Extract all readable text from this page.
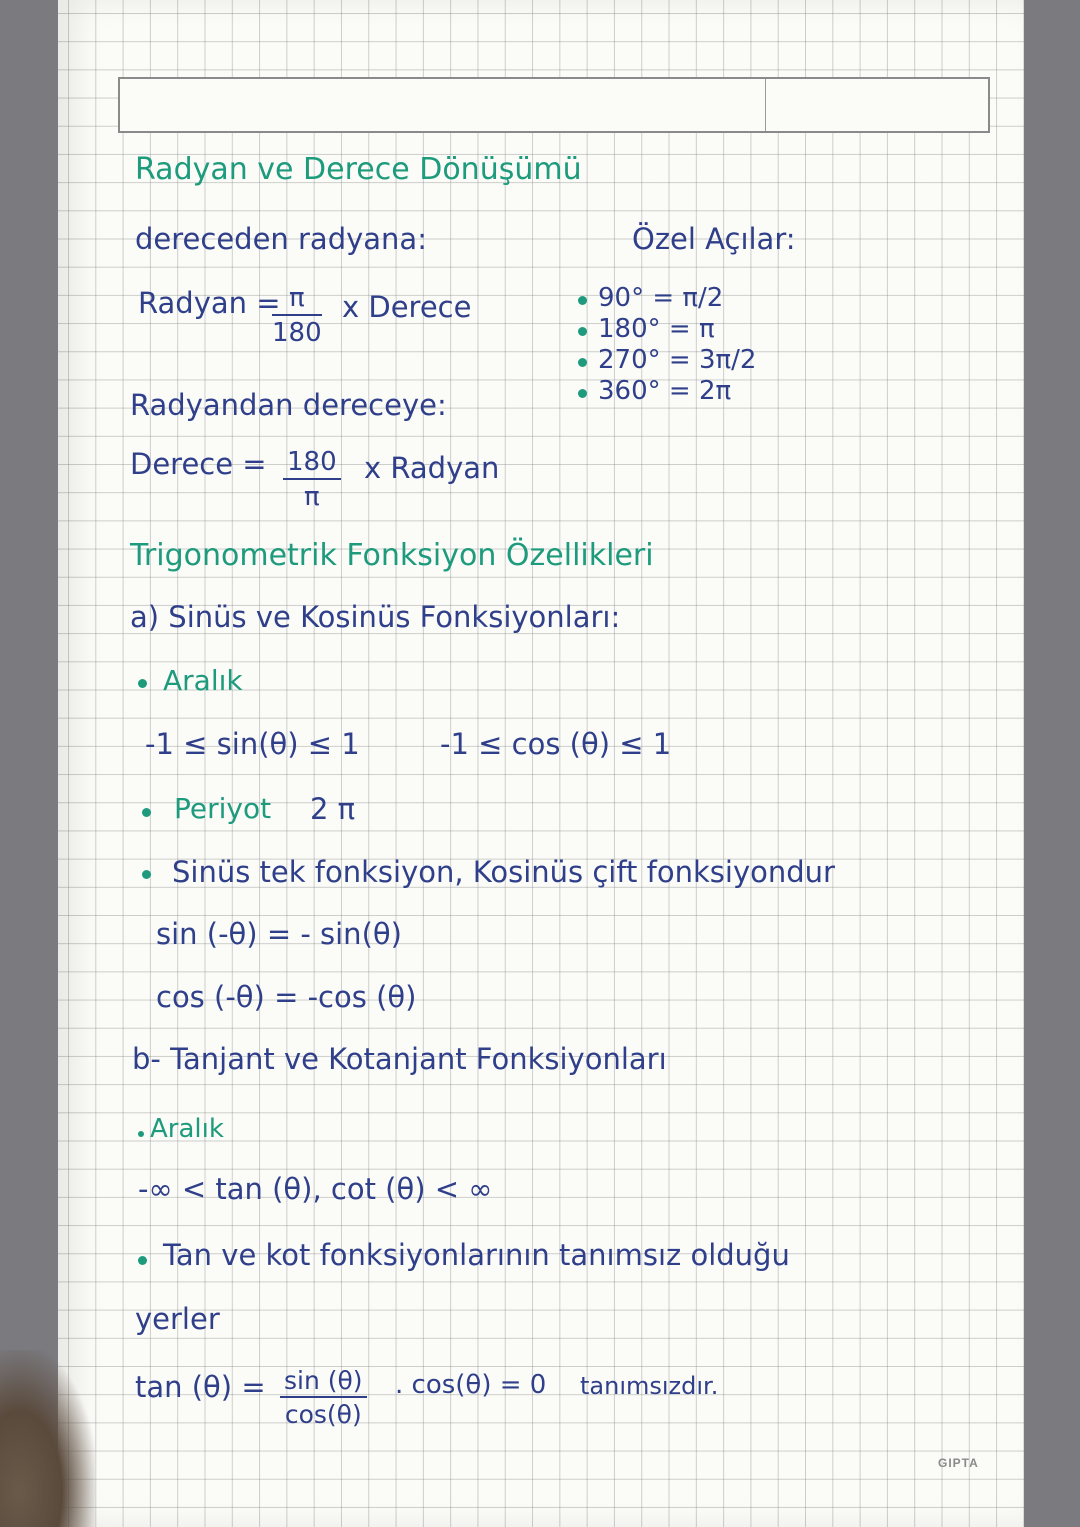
Radyan ve Derece Dönüşümü
dereceden radyana:
Radyan =
$\frac{\pi}{180}$ x Derece
Radyandan dereceye:
Derece = $\frac{180}{\pi}$ x Radyan
Özel Açılar:
90° = π/2
180° = π
270° = 3π/2
360° = 2π
Trigonometrik Fonksiyon Özellikleri
a) Sinüs ve Kosinüs Fonksiyonları:
Aralık
-1 ≤ sin(θ) ≤ 1	-1 ≤ cos (θ) ≤ 1
Periyot 2 π
Sinüs tek fonksiyon, Kosinüs çift fonksiyondur
sin (-θ) = - sin(θ)
cos (-θ) = -cos (θ)
b- Tanjant ve Kotanjant Fonksiyonları
Aralık
-∞ < tan (θ), cot (θ) < ∞
Tan ve kot fonksiyonlarının tanımsız olduğu
yerler
$\tan (\theta) = \frac{\sin (\theta)}{\cos(\theta)}$ . cos(θ) = 0 tanımsızdır.
GIPTA
